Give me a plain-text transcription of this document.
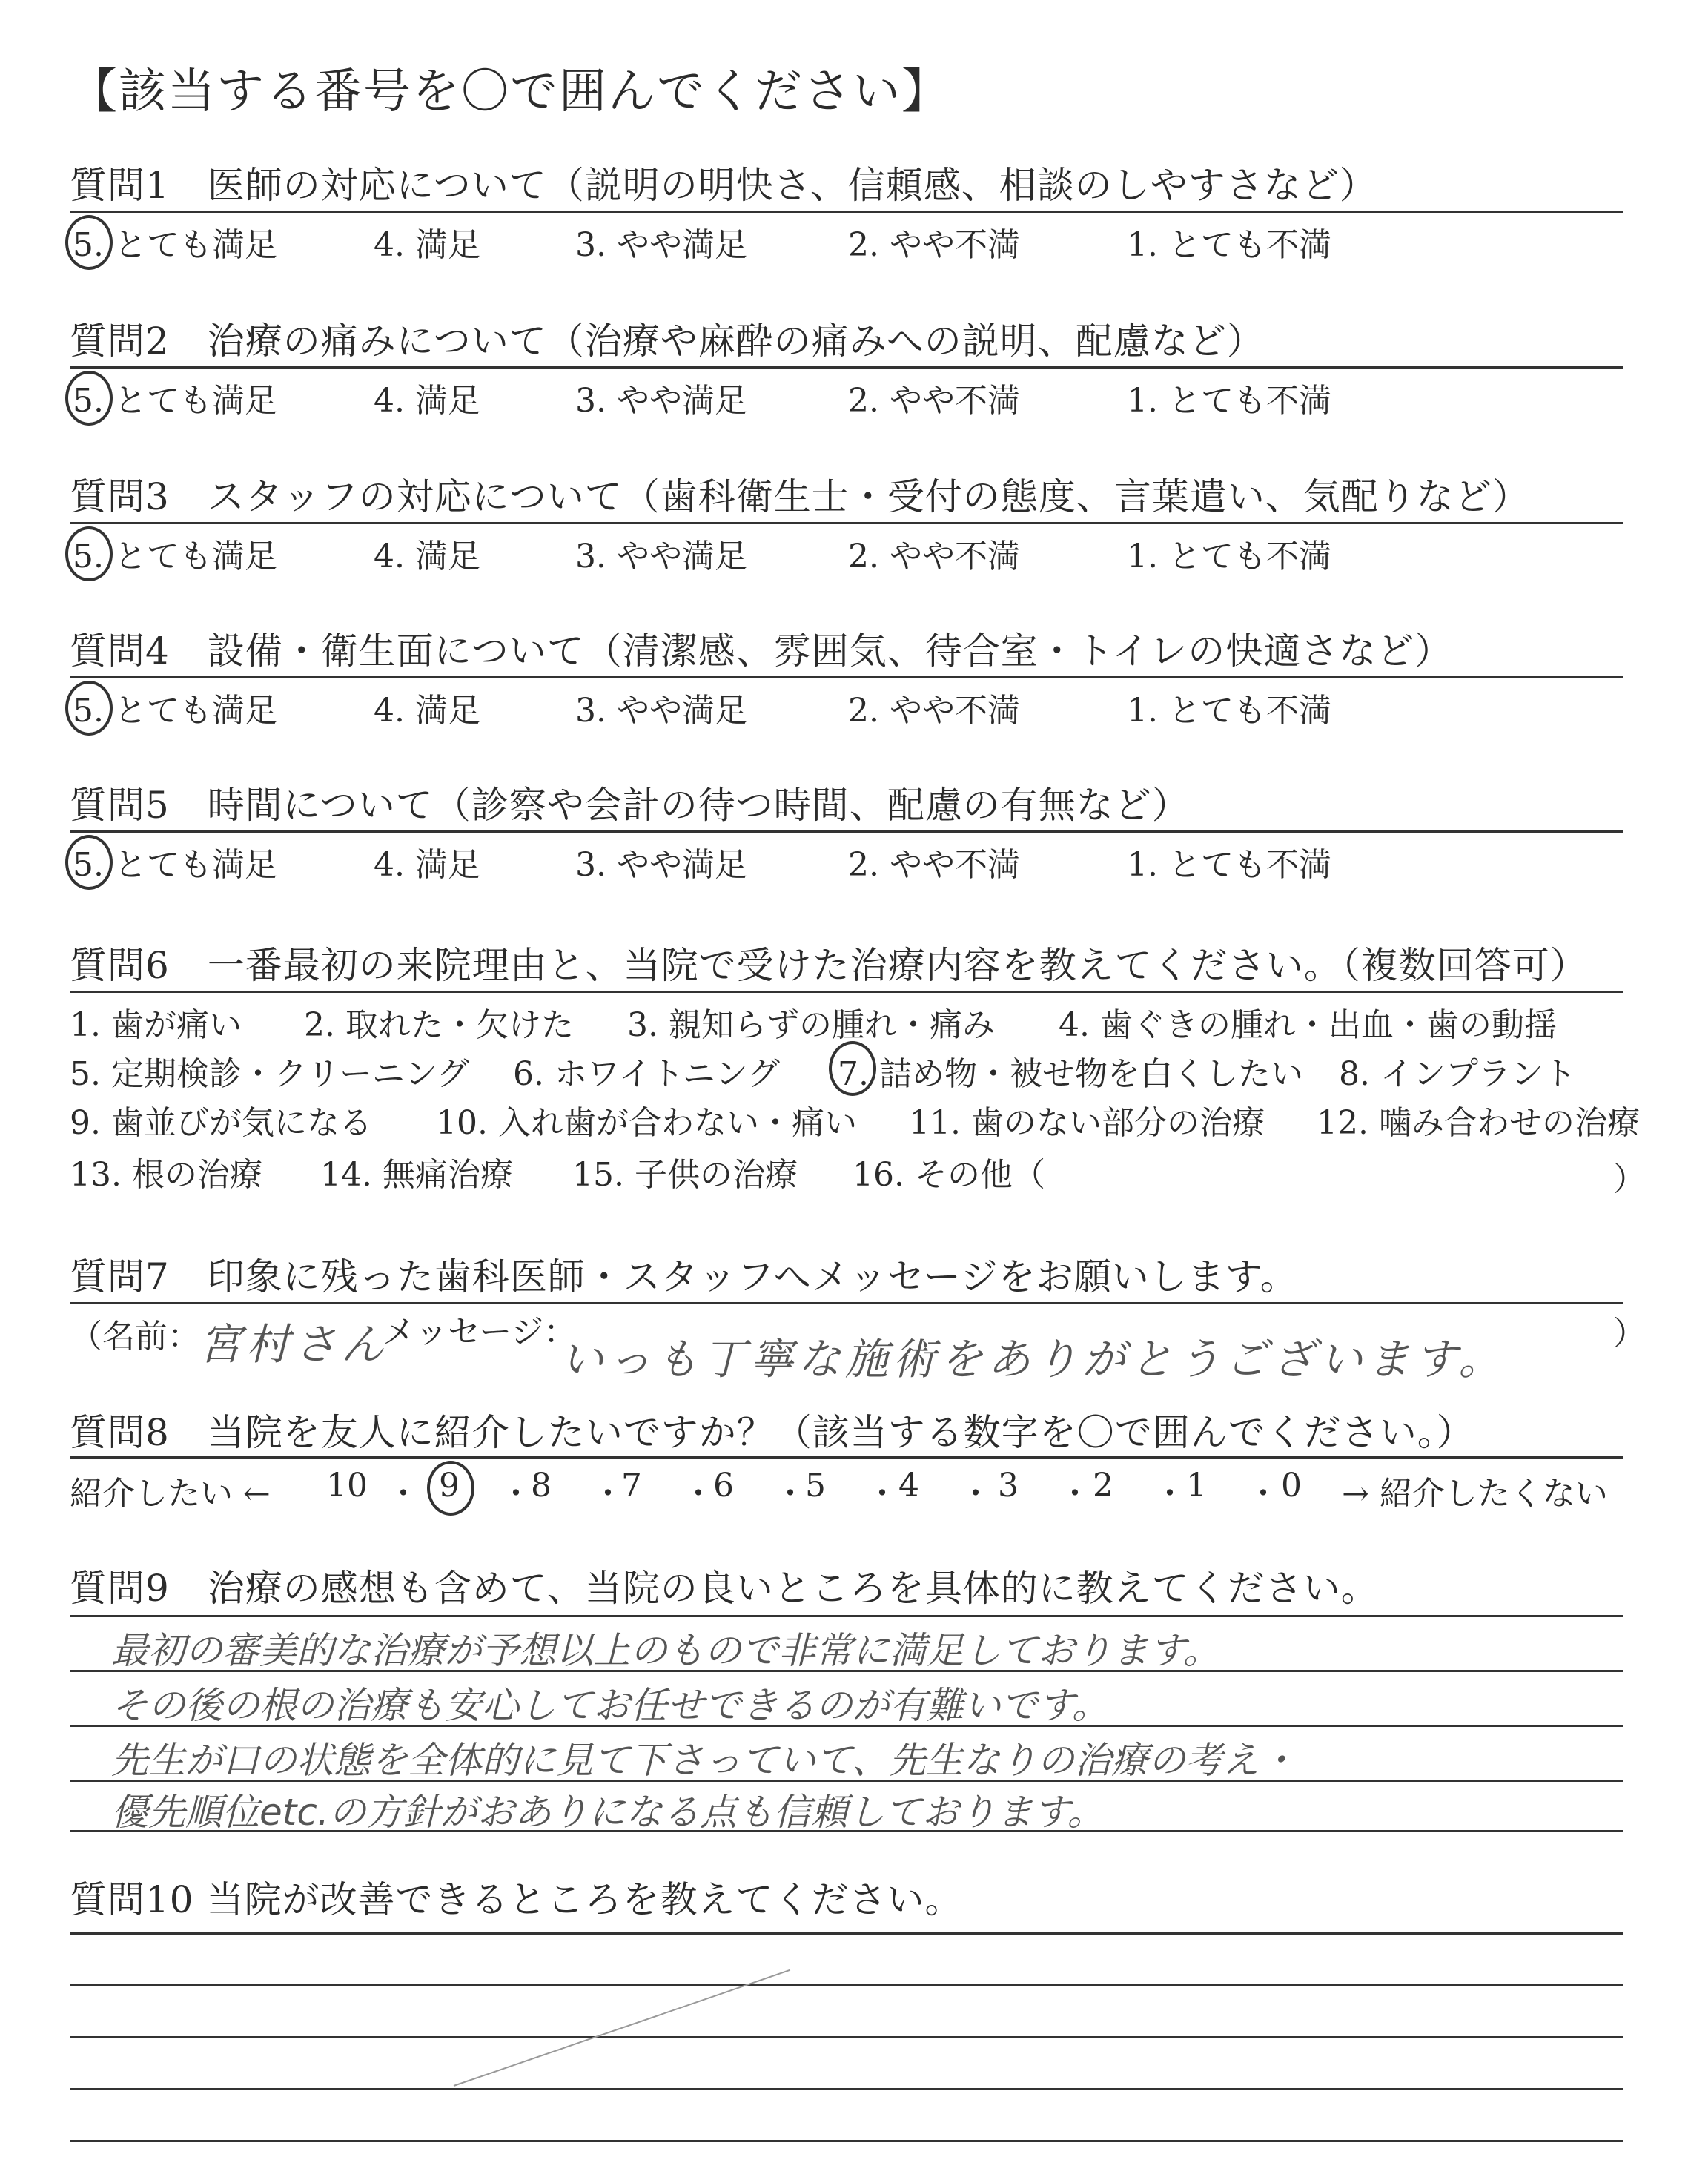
【該当する番号を〇で囲んでください】
質問1　医師の対応について（説明の明快さ、信頼感、相談のしやすさなど）
5. とても満足	4. 満足	3. やや満足	2. やや不満	1. とても不満
質問2　治療の痛みについて（治療や麻酔の痛みへの説明、配慮など）
5. とても満足	4. 満足	3. やや満足	2. やや不満	1. とても不満
質問3　スタッフの対応について（歯科衛生士・受付の態度、言葉遣い、気配りなど）
5. とても満足	4. 満足	3. やや満足	2. やや不満	1. とても不満
質問4　設備・衛生面について（清潔感、雰囲気、待合室・トイレの快適さなど）
5. とても満足	4. 満足	3. やや満足	2. やや不満	1. とても不満
質問5　時間について（診察や会計の待つ時間、配慮の有無など）
5. とても満足	4. 満足	3. やや満足	2. やや不満	1. とても不満
質問6　一番最初の来院理由と、当院で受けた治療内容を教えてください。（複数回答可）
1. 歯が痛い 2. 取れた・欠けた 3. 親知らずの腫れ・痛み 4. 歯ぐきの腫れ・出血・歯の動揺
5. 定期検診・クリーニング 6. ホワイトニング 7. 詰め物・被せ物を白くしたい 8. インプラント
9. 歯並びが気になる 10. 入れ歯が合わない・痛い 11. 歯のない部分の治療 12. 噛み合わせの治療
13. 根の治療 14. 無痛治療 15. 子供の治療 16. その他（	）
質問7　印象に残った歯科医師・スタッフへメッセージをお願いします。
（名前：
宮村さん
メッセージ：
いっも丁寧な施術をありがとうございます。
）
質問8　当院を友人に紹介したいですか？（該当する数字を〇で囲んでください。）
紹介したい ← 10 ・ 9 ・
8 ・
7 ・
6 ・
5 ・ 4 ・ 3 ・ 2 ・ 1 ・ 0 → 紹介したくない
質問9　治療の感想も含めて、当院の良いところを具体的に教えてください。
最初の審美的な治療が予想以上のもので非常に満足しております。
その後の根の治療も安心してお任せできるのが有難いです。
先生が口の状態を全体的に見て下さっていて、先生なりの治療の考え・
優先順位etc.の方針がおありになる点も信頼しております。
質問10 当院が改善できるところを教えてください。
